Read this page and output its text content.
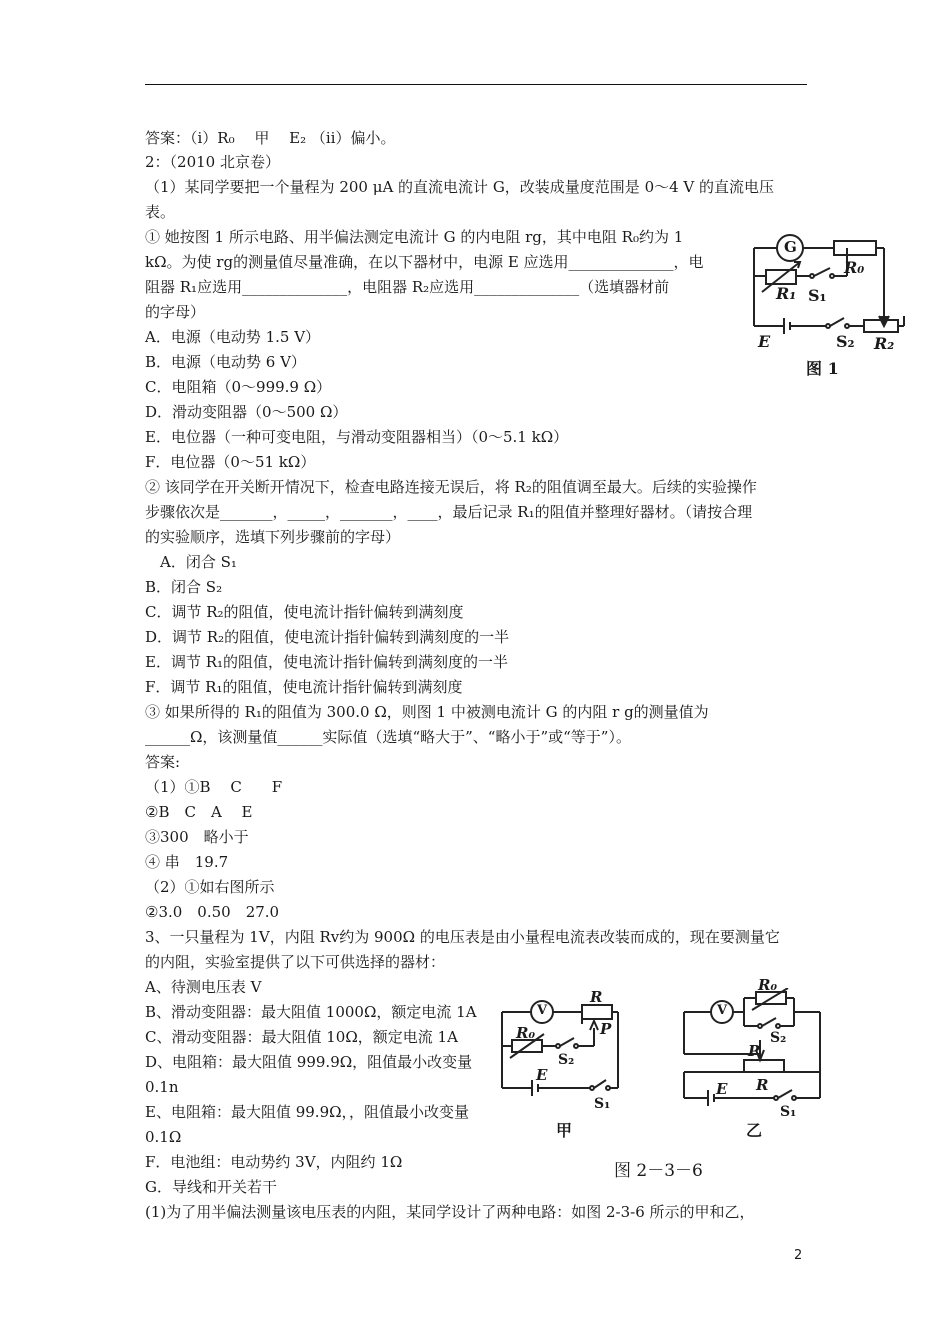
答案：（ⅰ）R₀　 甲　 E₂ （ⅱ）偏小。
2：（2010 北京卷）
（1）某同学要把一个量程为 200 μA 的直流电流计 G，改装成量度范围是 0～4 V 的直流电压
表。
① 她按图 1 所示电路、用半偏法测定电流计 G 的内电阻 rg，其中电阻 R₀约为 1
kΩ。为使 rg的测量值尽量准确，在以下器材中，电源 E 应选用______________，电
阻器 R₁应选用______________，电阻器 R₂应选用______________（选填器材前
的字母）
A．电源（电动势 1.5 V）
B．电源（电动势 6 V）
C．电阻箱（0～999.9 Ω）
D．滑动变阻器（0～500 Ω）
E．电位器（一种可变电阻，与滑动变阻器相当）（0～5.1 kΩ）
F．电位器（0～51 kΩ）
② 该同学在开关断开情况下，检查电路连接无误后，将 R₂的阻值调至最大。后续的实验操作
步骤依次是_______，_____，_______，____，最后记录 R₁的阻值并整理好器材。（请按合理
的实验顺序，选填下列步骤前的字母）
　A．闭合 S₁
B．闭合 S₂
C．调节 R₂的阻值，使电流计指针偏转到满刻度
D．调节 R₂的阻值，使电流计指针偏转到满刻度的一半
E．调节 R₁的阻值，使电流计指针偏转到满刻度的一半
F．调节 R₁的阻值，使电流计指针偏转到满刻度
③ 如果所得的 R₁的阻值为 300.0 Ω，则图 1 中被测电流计 G 的内阻 r g的测量值为
______Ω，该测量值______实际值（选填“略大于”、“略小于”或“等于”）。
答案:
（1）①B　 C　　F
②B　C　A　 E
③300　略小于
④ 串　19.7
（2）①如右图所示
②3.0　0.50　27.0
3、一只量程为 1V，内阻 Rv约为 900Ω 的电压表是由小量程电流表改装而成的，现在要测量它
的内阻，实验室提供了以下可供选择的器材：
A、待测电压表 V
B、滑动变阻器：最大阻值 1000Ω，额定电流 1A
C、滑动变阻器：最大阻值 10Ω，额定电流 1A
D、电阻箱：最大阻值 999.9Ω，阻值最小改变量
0.1n
E、电阻箱：最大阻值 99.9Ω，，阻值最小改变量
0.1Ω
F．电池组：电动势约 3V，内阻约 1Ω
G．导线和开关若干
(1)为了用半偏法测量该电压表的内阻，某同学设计了两种电路：如图 2-3-6 所示的甲和乙，
G
R₀
R₁ S₁
E	S₂ R₂
图 1
V
R
P
R₀
S₂
E
S₁
甲
V
R₀
S₂
P
R
E
S₁
乙
图 2－3－6
2
